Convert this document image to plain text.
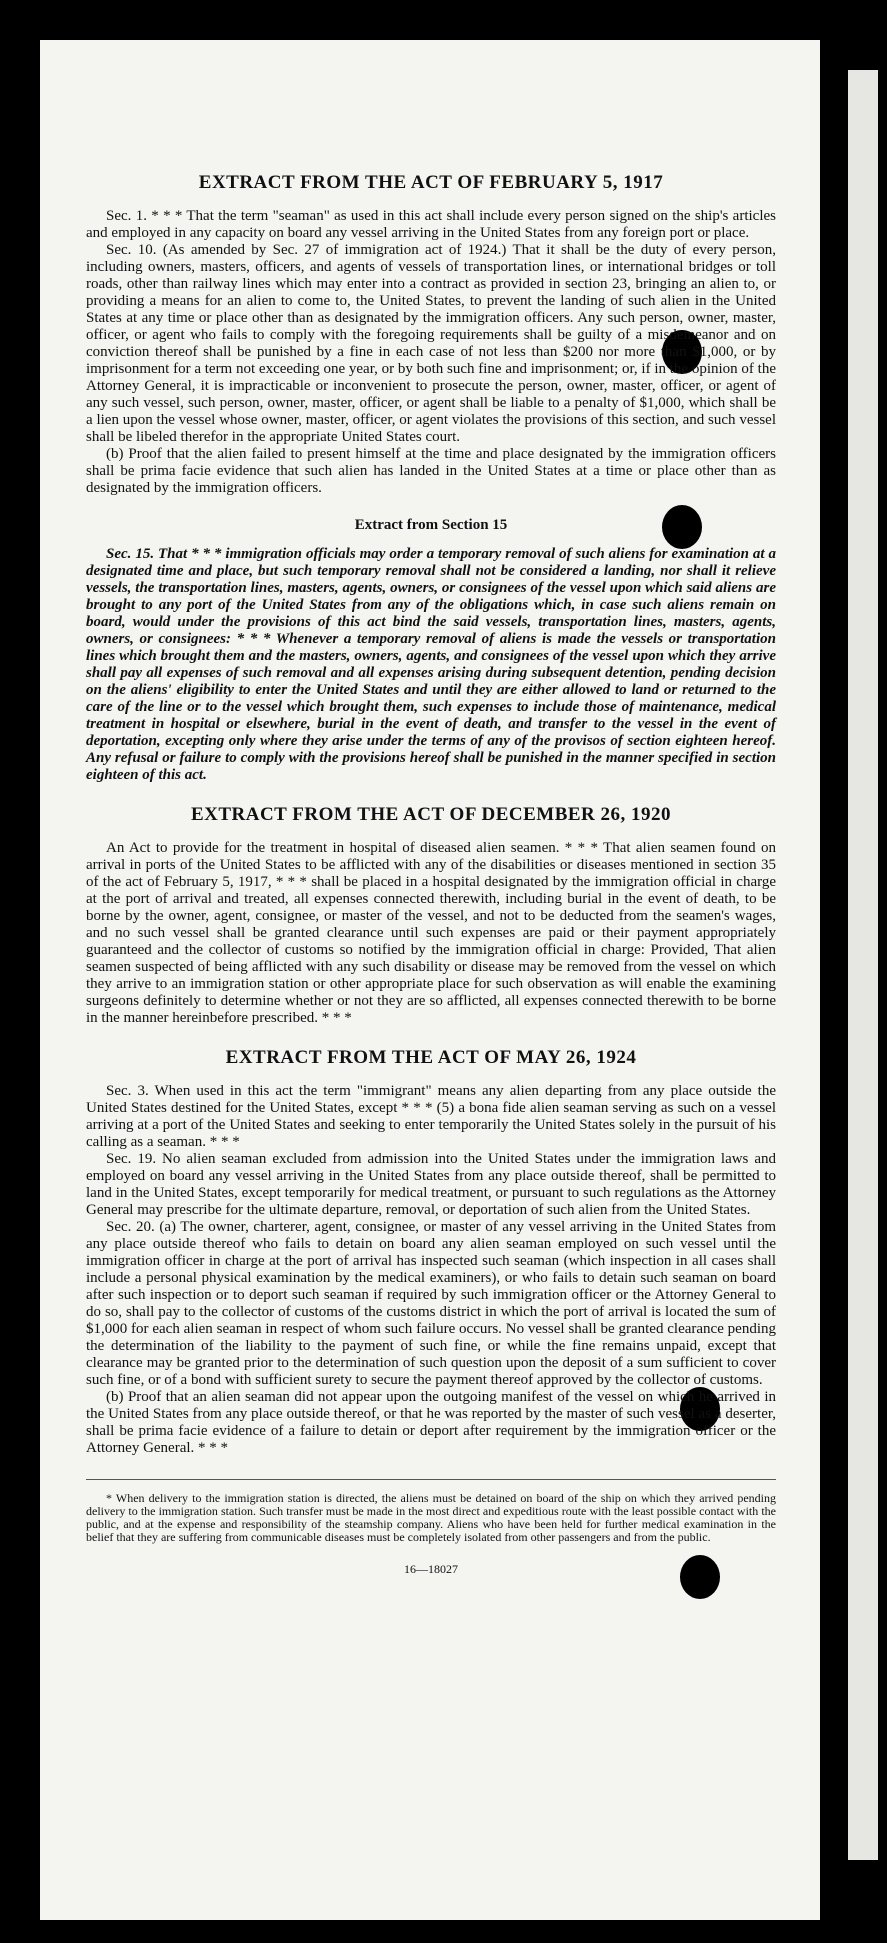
EXTRACT FROM THE ACT OF FEBRUARY 5, 1917

Sec. 1. * * * That the term "seaman" as used in this act shall include every person signed on the ship's articles and employed in any capacity on board any vessel arriving in the United States from any foreign port or place.

Sec. 10. (As amended by Sec. 27 of immigration act of 1924.) That it shall be the duty of every person, including owners, masters, officers, and agents of vessels of transportation lines, or international bridges or toll roads, other than railway lines which may enter into a contract as provided in section 23, bringing an alien to, or providing a means for an alien to come to, the United States, to prevent the landing of such alien in the United States at any time or place other than as designated by the immigration officers. Any such person, owner, master, officer, or agent who fails to comply with the foregoing requirements shall be guilty of a misdemeanor and on conviction thereof shall be punished by a fine in each case of not less than $200 nor more than $1,000, or by imprisonment for a term not exceeding one year, or by both such fine and imprisonment; or, if in the opinion of the Attorney General, it is impracticable or inconvenient to prosecute the person, owner, master, officer, or agent of any such vessel, such person, owner, master, officer, or agent shall be liable to a penalty of $1,000, which shall be a lien upon the vessel whose owner, master, officer, or agent violates the provisions of this section, and such vessel shall be libeled therefor in the appropriate United States court.

(b) Proof that the alien failed to present himself at the time and place designated by the immigration officers shall be prima facie evidence that such alien has landed in the United States at a time or place other than as designated by the immigration officers.

Extract from Section 15

Sec. 15. That * * * immigration officials may order a temporary removal of such aliens for examination at a designated time and place, but such temporary removal shall not be considered a landing, nor shall it relieve vessels, the transportation lines, masters, agents, owners, or consignees of the vessel upon which said aliens are brought to any port of the United States from any of the obligations which, in case such aliens remain on board, would under the provisions of this act bind the said vessels, transportation lines, masters, agents, owners, or consignees: * * * Whenever a temporary removal of aliens is made the vessels or transportation lines which brought them and the masters, owners, agents, and consignees of the vessel upon which they arrive shall pay all expenses of such removal and all expenses arising during subsequent detention, pending decision on the aliens' eligibility to enter the United States and until they are either allowed to land or returned to the care of the line or to the vessel which brought them, such expenses to include those of maintenance, medical treatment in hospital or elsewhere, burial in the event of death, and transfer to the vessel in the event of deportation, excepting only where they arise under the terms of any of the provisos of section eighteen hereof. Any refusal or failure to comply with the provisions hereof shall be punished in the manner specified in section eighteen of this act.

EXTRACT FROM THE ACT OF DECEMBER 26, 1920

An Act to provide for the treatment in hospital of diseased alien seamen. * * * That alien seamen found on arrival in ports of the United States to be afflicted with any of the disabilities or diseases mentioned in section 35 of the act of February 5, 1917, * * * shall be placed in a hospital designated by the immigration official in charge at the port of arrival and treated, all expenses connected therewith, including burial in the event of death, to be borne by the owner, agent, consignee, or master of the vessel, and not to be deducted from the seamen's wages, and no such vessel shall be granted clearance until such expenses are paid or their payment appropriately guaranteed and the collector of customs so notified by the immigration official in charge: Provided, That alien seamen suspected of being afflicted with any such disability or disease may be removed from the vessel on which they arrive to an immigration station or other appropriate place for such observation as will enable the examining surgeons definitely to determine whether or not they are so afflicted, all expenses connected therewith to be borne in the manner hereinbefore prescribed. * * *

EXTRACT FROM THE ACT OF MAY 26, 1924

Sec. 3. When used in this act the term "immigrant" means any alien departing from any place outside the United States destined for the United States, except * * * (5) a bona fide alien seaman serving as such on a vessel arriving at a port of the United States and seeking to enter temporarily the United States solely in the pursuit of his calling as a seaman. * * *

Sec. 19. No alien seaman excluded from admission into the United States under the immigration laws and employed on board any vessel arriving in the United States from any place outside thereof, shall be permitted to land in the United States, except temporarily for medical treatment, or pursuant to such regulations as the Attorney General may prescribe for the ultimate departure, removal, or deportation of such alien from the United States.

Sec. 20. (a) The owner, charterer, agent, consignee, or master of any vessel arriving in the United States from any place outside thereof who fails to detain on board any alien seaman employed on such vessel until the immigration officer in charge at the port of arrival has inspected such seaman (which inspection in all cases shall include a personal physical examination by the medical examiners), or who fails to detain such seaman on board after such inspection or to deport such seaman if required by such immigration officer or the Attorney General to do so, shall pay to the collector of customs of the customs district in which the port of arrival is located the sum of $1,000 for each alien seaman in respect of whom such failure occurs. No vessel shall be granted clearance pending the determination of the liability to the payment of such fine, or while the fine remains unpaid, except that clearance may be granted prior to the determination of such question upon the deposit of a sum sufficient to cover such fine, or of a bond with sufficient surety to secure the payment thereof approved by the collector of customs.

(b) Proof that an alien seaman did not appear upon the outgoing manifest of the vessel on which he arrived in the United States from any place outside thereof, or that he was reported by the master of such vessel as a deserter, shall be prima facie evidence of a failure to detain or deport after requirement by the immigration officer or the Attorney General. * * *

* When delivery to the immigration station is directed, the aliens must be detained on board of the ship on which they arrived pending delivery to the immigration station. Such transfer must be made in the most direct and expeditious route with the least possible contact with the public, and at the expense and responsibility of the steamship company. Aliens who have been held for further medical examination in the belief that they are suffering from communicable diseases must be completely isolated from other passengers and from the public.

16—18027
